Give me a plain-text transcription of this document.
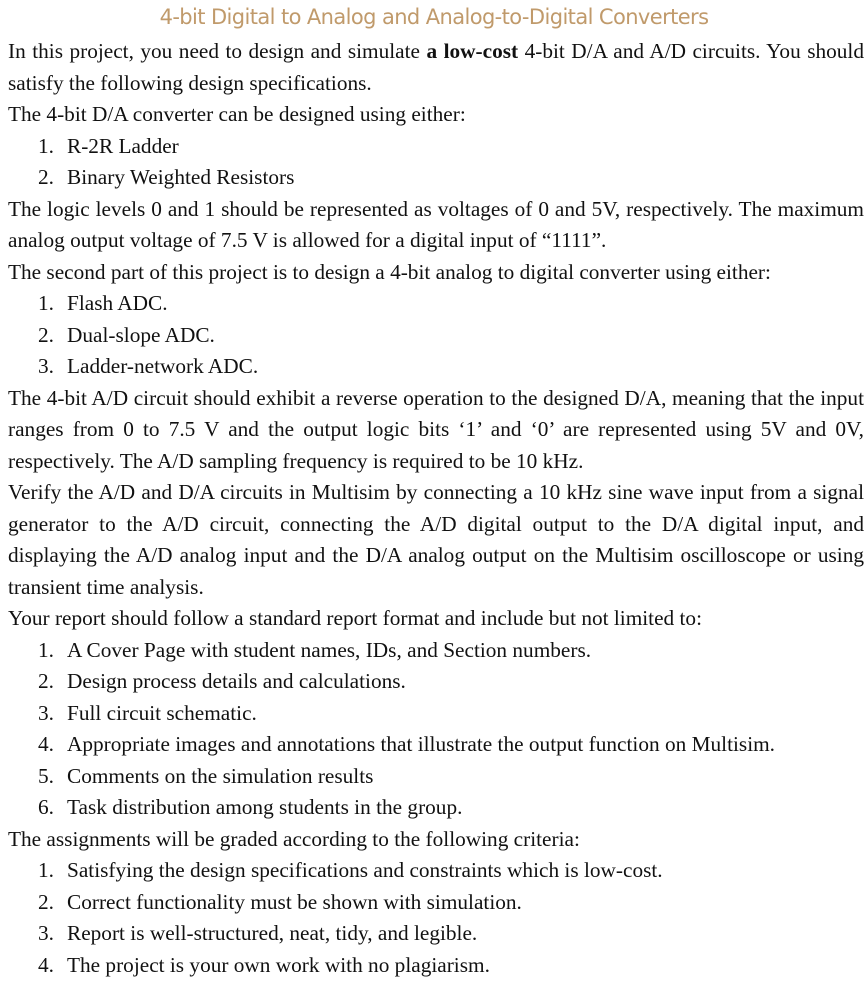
4-bit Digital to Analog and Analog-to-Digital Converters

In this project, you need to design and simulate a low-cost 4-bit D/A and A/D circuits. You should satisfy the following design specifications.

The 4-bit D/A converter can be designed using either:

1. R-2R Ladder
2. Binary Weighted Resistors

The logic levels 0 and 1 should be represented as voltages of 0 and 5V, respectively. The maximum analog output voltage of 7.5 V is allowed for a digital input of “1111”.

The second part of this project is to design a 4-bit analog to digital converter using either:

1. Flash ADC.
2. Dual-slope ADC.
3. Ladder-network ADC.

The 4-bit A/D circuit should exhibit a reverse operation to the designed D/A, meaning that the input ranges from 0 to 7.5 V and the output logic bits ‘1’ and ‘0’ are represented using 5V and 0V, respectively. The A/D sampling frequency is required to be 10 kHz.

Verify the A/D and D/A circuits in Multisim by connecting a 10 kHz sine wave input from a signal generator to the A/D circuit, connecting the A/D digital output to the D/A digital input, and displaying the A/D analog input and the D/A analog output on the Multisim oscilloscope or using transient time analysis.

Your report should follow a standard report format and include but not limited to:

1. A Cover Page with student names, IDs, and Section numbers.
2. Design process details and calculations.
3. Full circuit schematic.
4. Appropriate images and annotations that illustrate the output function on Multisim.
5. Comments on the simulation results
6. Task distribution among students in the group.

The assignments will be graded according to the following criteria:

1. Satisfying the design specifications and constraints which is low-cost.
2. Correct functionality must be shown with simulation.
3. Report is well-structured, neat, tidy, and legible.
4. The project is your own work with no plagiarism.
